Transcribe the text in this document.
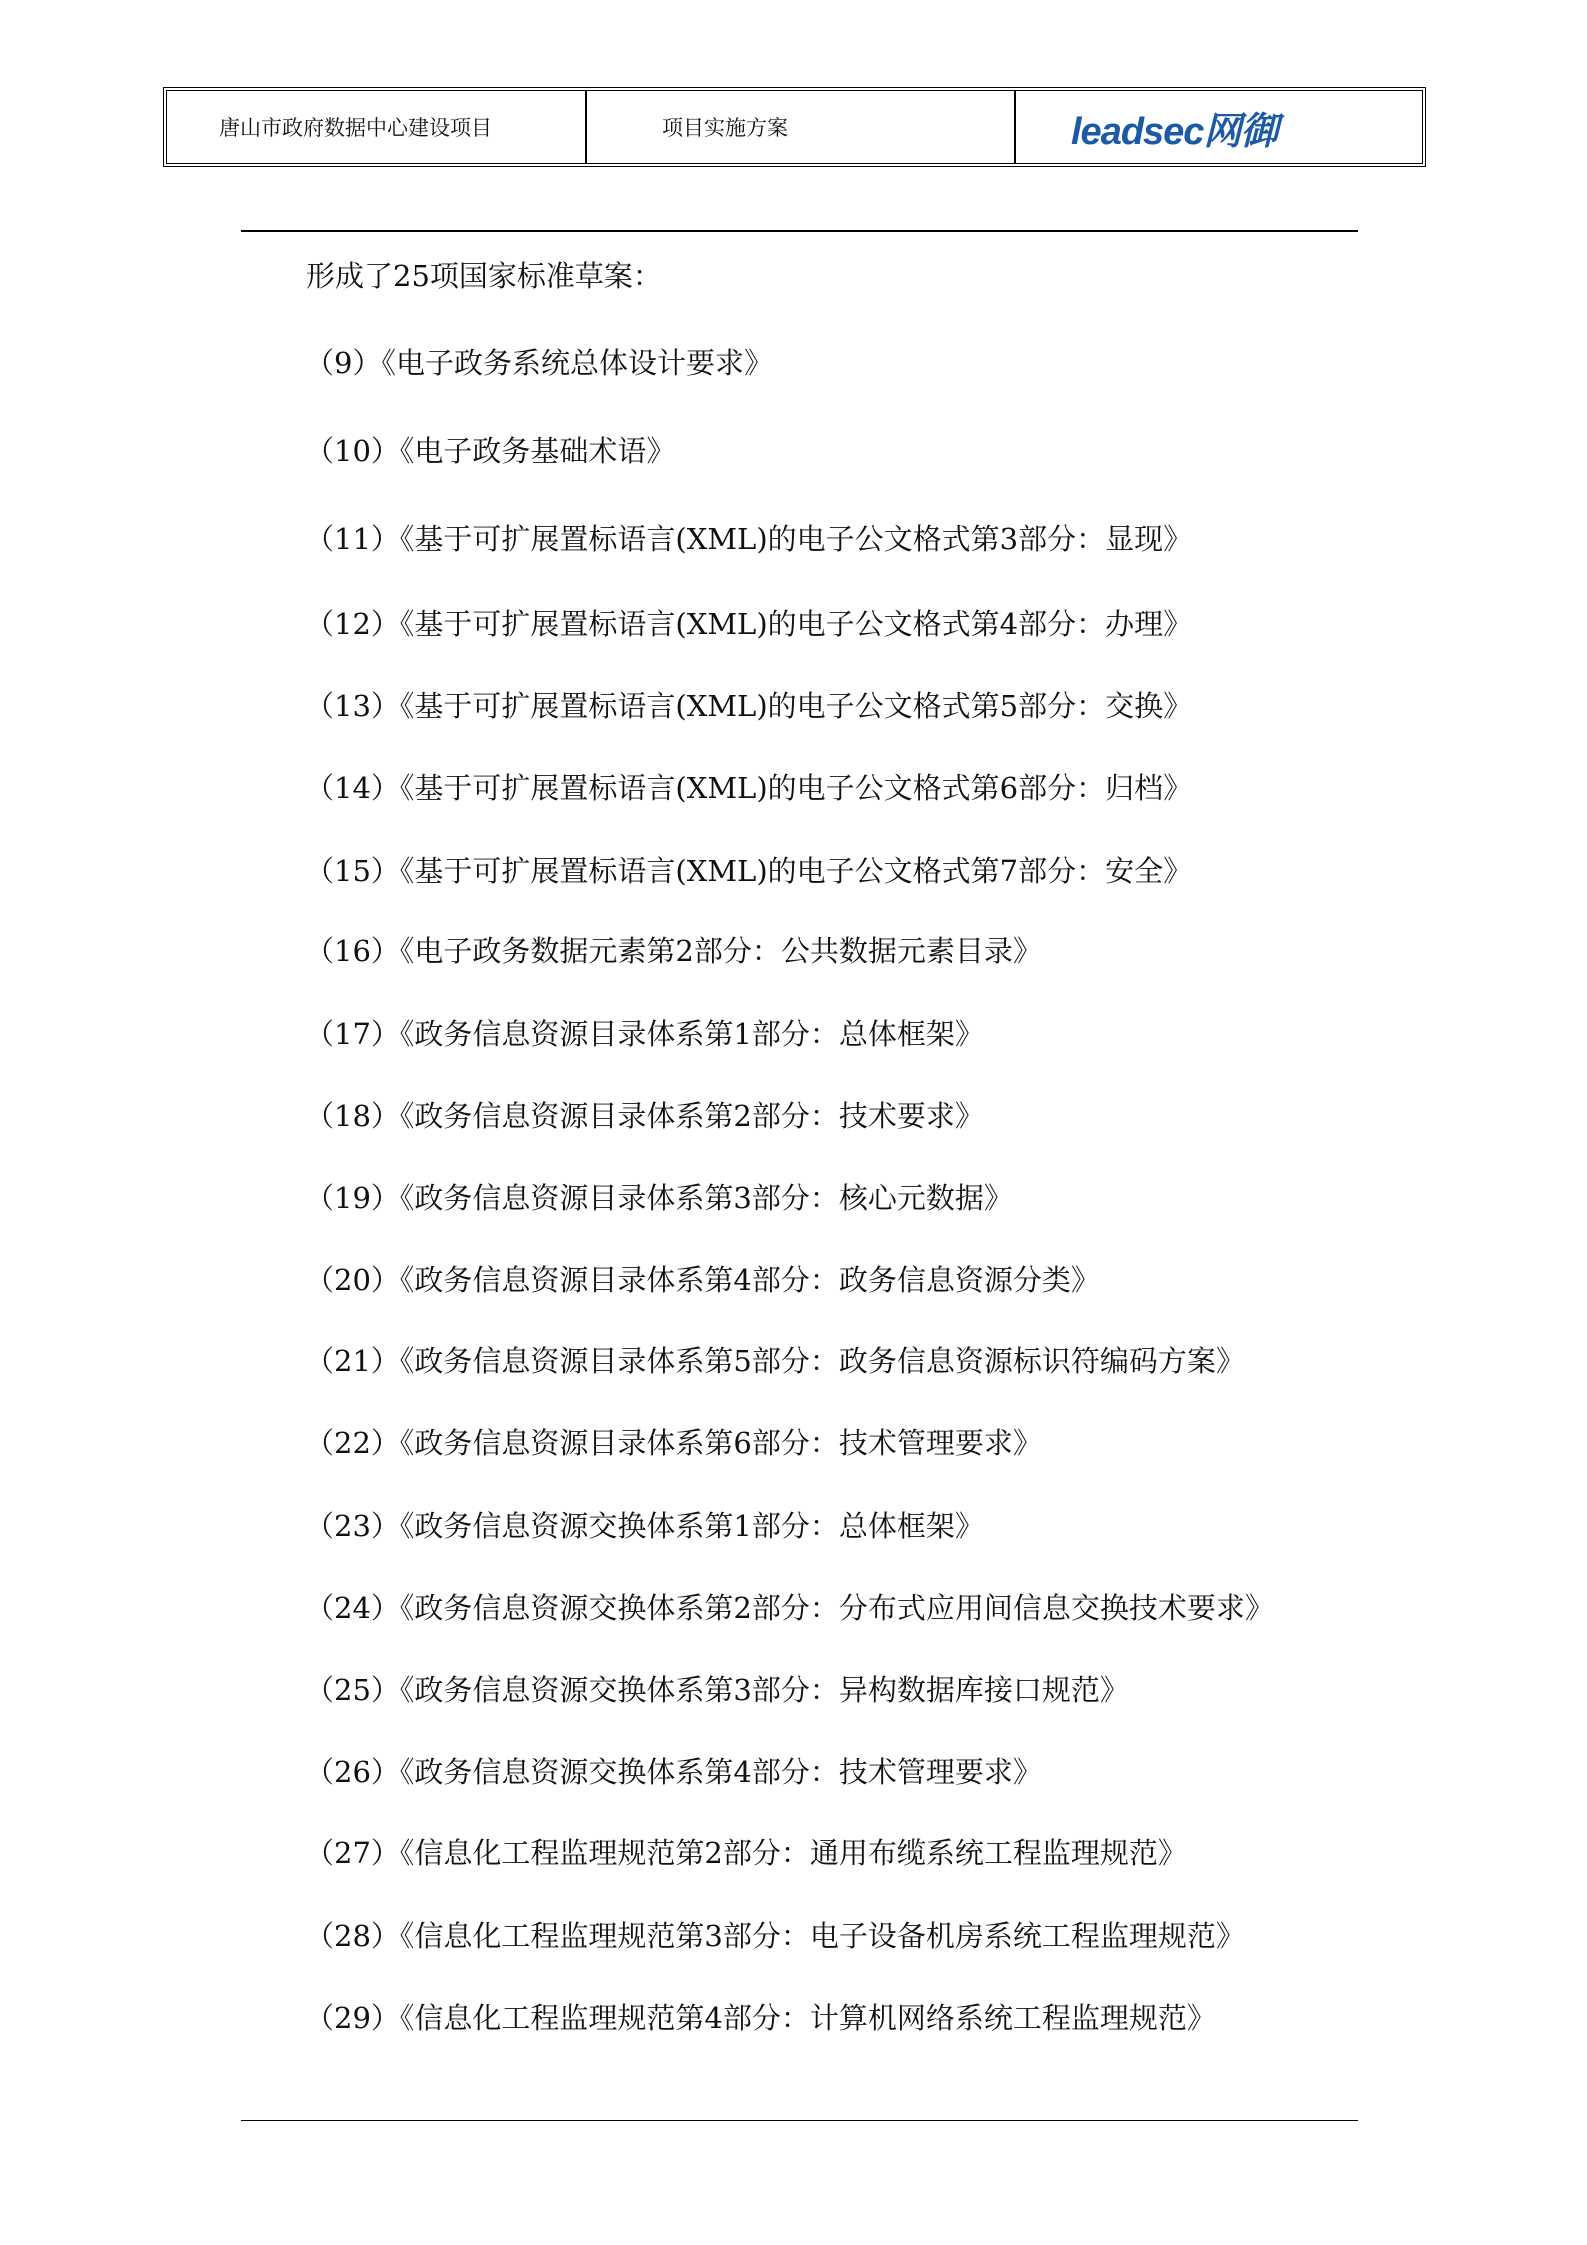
唐山市政府数据中心建设项目	项目实施方案	leadsec网御
形成了25项国家标准草案：
（9）《电子政务系统总体设计要求》
（10）《电子政务基础术语》
（11）《基于可扩展置标语言(XML)的电子公文格式第3部分：显现》
（12）《基于可扩展置标语言(XML)的电子公文格式第4部分：办理》
（13）《基于可扩展置标语言(XML)的电子公文格式第5部分：交换》
（14）《基于可扩展置标语言(XML)的电子公文格式第6部分：归档》
（15）《基于可扩展置标语言(XML)的电子公文格式第7部分：安全》
（16）《电子政务数据元素第2部分：公共数据元素目录》
（17）《政务信息资源目录体系第1部分：总体框架》
（18）《政务信息资源目录体系第2部分：技术要求》
（19）《政务信息资源目录体系第3部分：核心元数据》
（20）《政务信息资源目录体系第4部分：政务信息资源分类》
（21）《政务信息资源目录体系第5部分：政务信息资源标识符编码方案》
（22）《政务信息资源目录体系第6部分：技术管理要求》
（23）《政务信息资源交换体系第1部分：总体框架》
（24）《政务信息资源交换体系第2部分：分布式应用间信息交换技术要求》
（25）《政务信息资源交换体系第3部分：异构数据库接口规范》
（26）《政务信息资源交换体系第4部分：技术管理要求》
（27）《信息化工程监理规范第2部分：通用布缆系统工程监理规范》
（28）《信息化工程监理规范第3部分：电子设备机房系统工程监理规范》
（29）《信息化工程监理规范第4部分：计算机网络系统工程监理规范》
